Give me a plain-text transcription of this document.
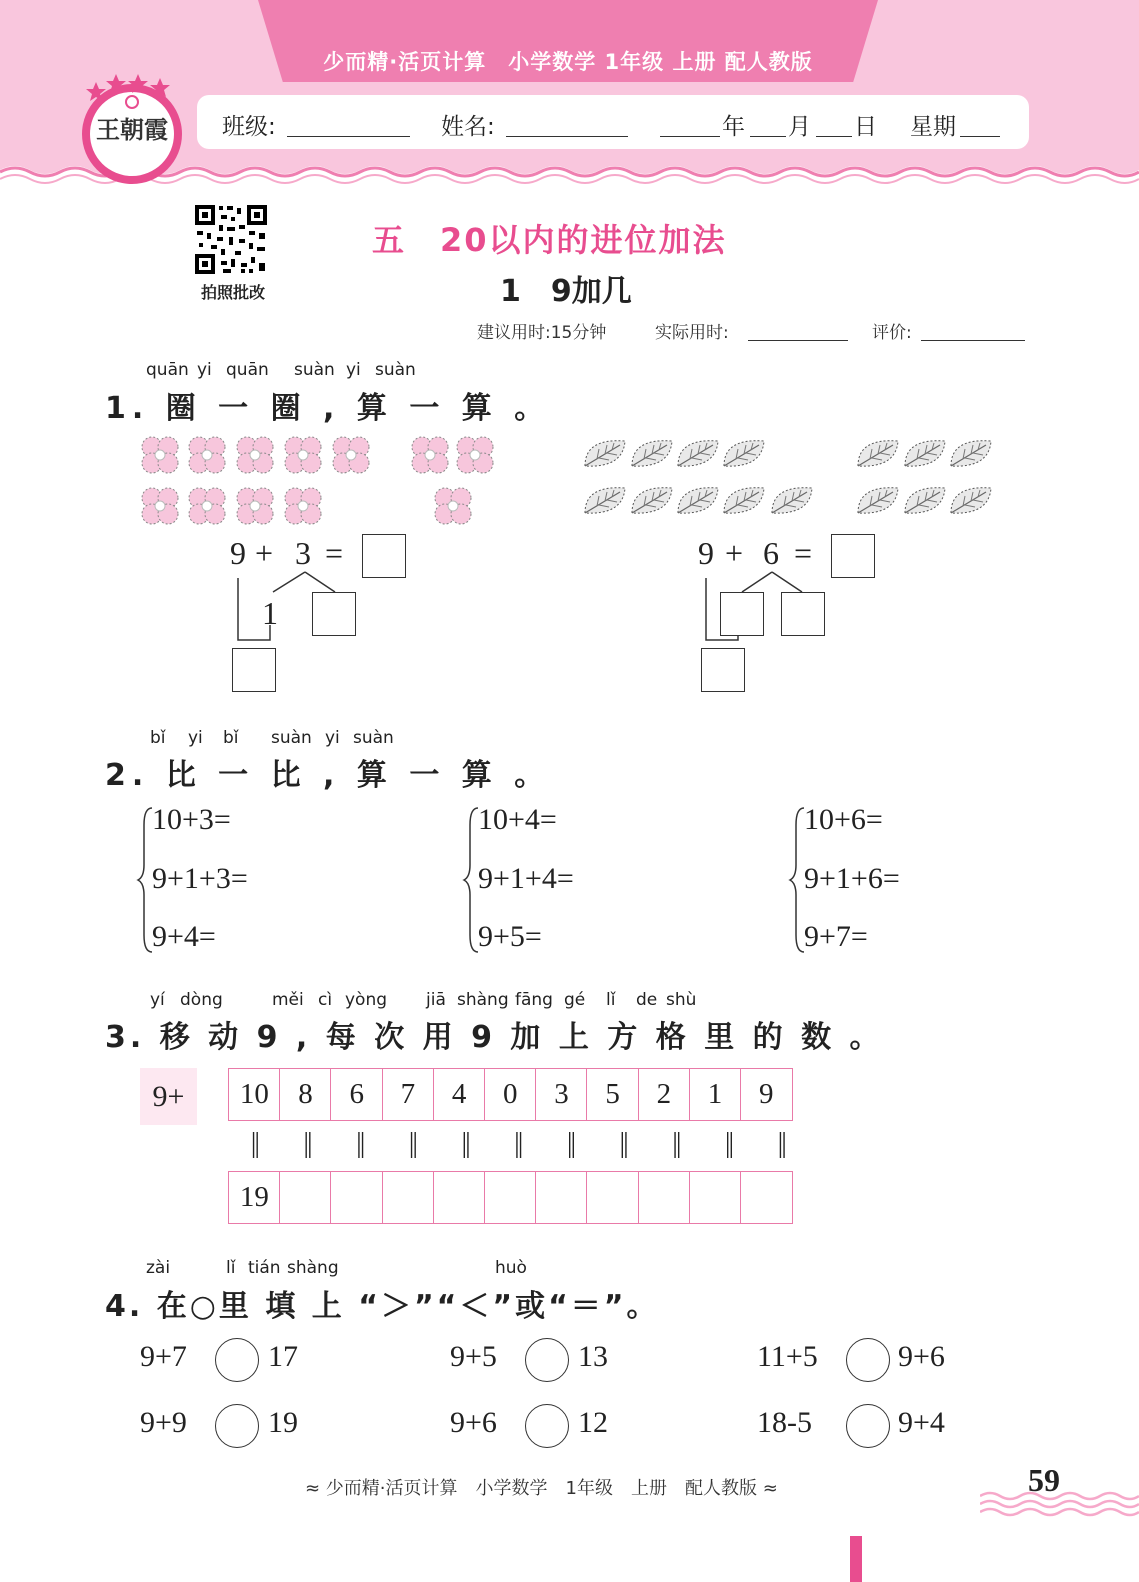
少而精·活页计算　小学数学 1年级 上册 配人教版
班级:	姓名:	年 月 日 星期
王朝霞
拍照批改
五　20以内的进位加法
1　9加几
建议用时:15分钟	实际用时:	评价:
quān yi quān suàn yi suàn
1. 圈 一 圈 , 算 一 算 。
9 + 3 =
1
9 + 6 =
bǐ yi bǐ suàn yi suàn
2. 比 一 比 , 算 一 算 。
10+3=
9+1+3=
9+4=
10+4=
9+1+4=
9+5=
10+6=
9+1+6=
9+7=
yí dòng	měi cì yòng jiā shàng fāng gé lǐ de shù
3. 移 动 9 , 每 次 用 9 加 上 方 格 里 的 数 。
9+	10	8	6	7	4	0	3	5	2	1	9
||	||	||	||	||	||	||	||	||	||	||
19
zài	lǐ tián shàng	huò
4. 在○里 填 上 “＞”“＜”或“＝”。
9+7	17	9+5	13	11+5	9+6
9+9	19	9+6	12	18-5	9+4
≈ 少而精·活页计算　小学数学　1年级　上册　配人教版 ≈	59
